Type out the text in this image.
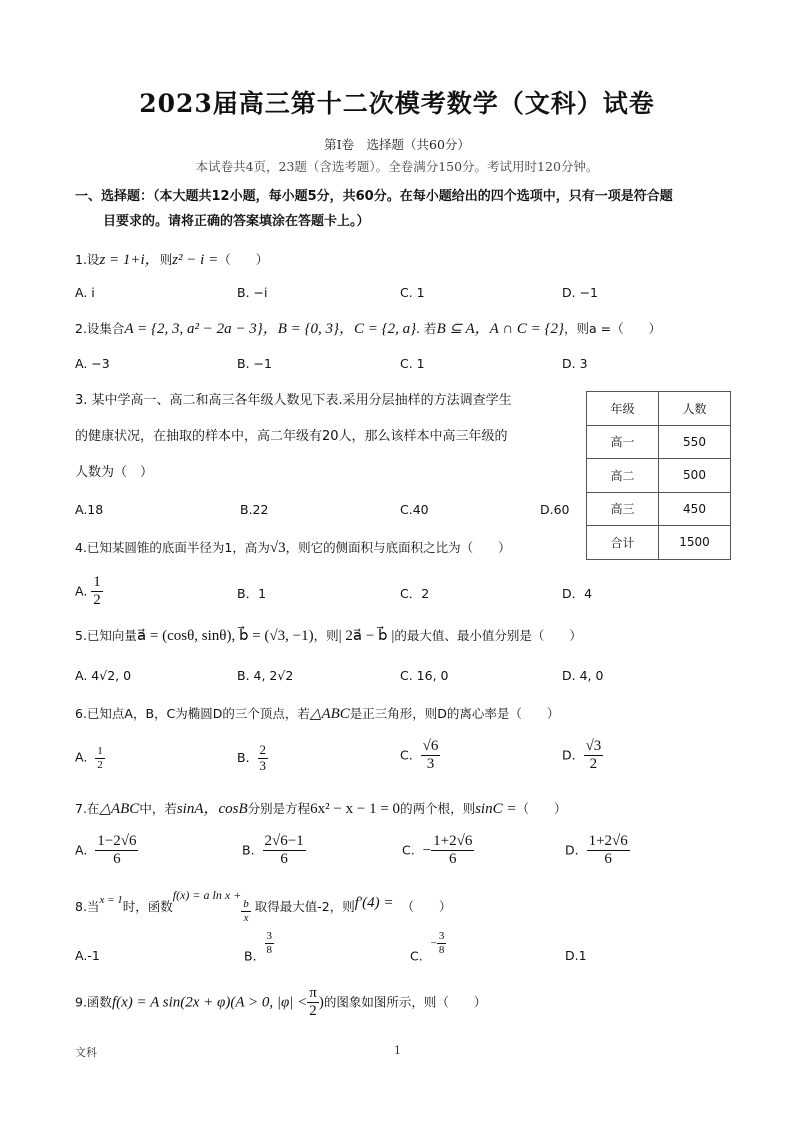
2023届高三第十二次模考数学（文科）试卷
第Ⅰ卷　选择题（共60分）
本试卷共4页，23题（含选考题）。全卷满分150分。考试用时120分钟。
一、选择题：（本大题共12小题，每小题5分，共60分。在每小题给出的四个选项中，只有一项是符合题
目要求的。请将正确的答案填涂在答题卡上。）
1.设z = 1+i，则z² − i =（　　）
A. i	B. −i	C. 1	D. −1
2.设集合A = {2, 3, a² − 2a − 3}，B = {0, 3}，C = {2, a}. 若B ⊆ A，A ∩ C = {2}，则a =（　　）
A. −3	B. −1	C. 1	D. 3
3. 某中学高一、高二和高三各年级人数见下表.采用分层抽样的方法调查学生
的健康状况，在抽取的样本中，高二年级有20人，那么该样本中高三年级的
人数为（　）
A.18	B.22	C.40	D.60
年级	人数
高一	550
高二	500
高三	450
合计	1500
4.已知某圆锥的底面半径为1，高为√3，则它的侧面积与底面积之比为（　　）
A. $\frac{1}{2}$	B．1	C．2	D．4
5.已知向量a⃗ = (cosθ, sinθ), b⃗ = (√3, −1)，则| 2a⃗ − b⃗ |的最大值、最小值分别是（　　）
A. 4√2, 0	B. 4, 2√2	C. 16, 0	D. 4, 0
6.已知点A，B，C为椭圆D的三个顶点，若△ABC是正三角形，则D的离心率是（　　）
A. $\frac{1}{2}$	B. $\frac{2}{3}$	C. $\frac{√6}{3}$	D. $\frac{√3}{2}$
7.在△ABC中，若sinA，cosB分别是方程6x² − x − 1 = 0的两个根，则sinC =（　　）
A. $\frac{1-2√6}{6}$	B. $\frac{2√6-1}{6}$	C. − $\frac{1+2√6}{6}$	D. $\frac{1+2√6}{6}$
8.当x = 1时，函数f(x) = a ln x +
$\frac{b}{x}$ 取得最大值-2，则f′(4) = （　　）
A.-1	B. $\frac{3}{8}$	C.  − $\frac{3}{8}$	D.1
9.函数f(x) = A sin(2x + φ)(A > 0, $|\varphi| < \frac{\pi}{2}$ )的图象如图所示，则（　　）
文科	1
